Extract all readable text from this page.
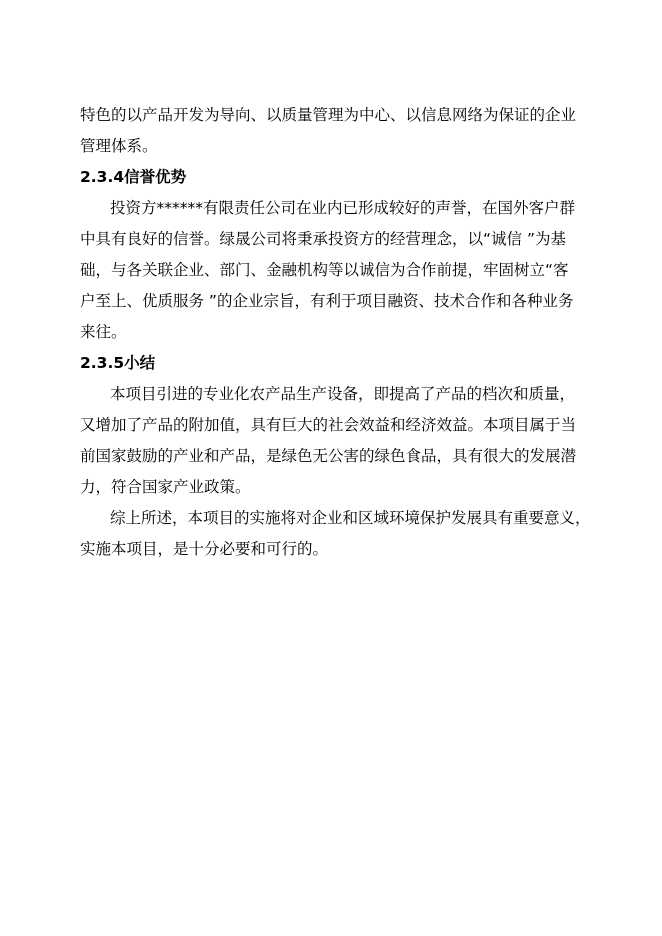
特色的以产品开发为导向、以质量管理为中心、以信息网络为保证的企业
管理体系。
2.3.4信誉优势
投资方******有限责任公司在业内已形成较好的声誉，在国外客户群
中具有良好的信誉。绿晟公司将秉承投资方的经营理念，以“诚信 ”为基
础，与各关联企业、部门、金融机构等以诚信为合作前提，牢固树立“客
户至上、优质服务 ”的企业宗旨，有利于项目融资、技术合作和各种业务
来往。
2.3.5小结
本项目引进的专业化农产品生产设备，即提高了产品的档次和质量，
又增加了产品的附加值，具有巨大的社会效益和经济效益。本项目属于当
前国家鼓励的产业和产品，是绿色无公害的绿色食品，具有很大的发展潜
力，符合国家产业政策。
综上所述，本项目的实施将对企业和区域环境保护发展具有重要意义，
实施本项目，是十分必要和可行的。
